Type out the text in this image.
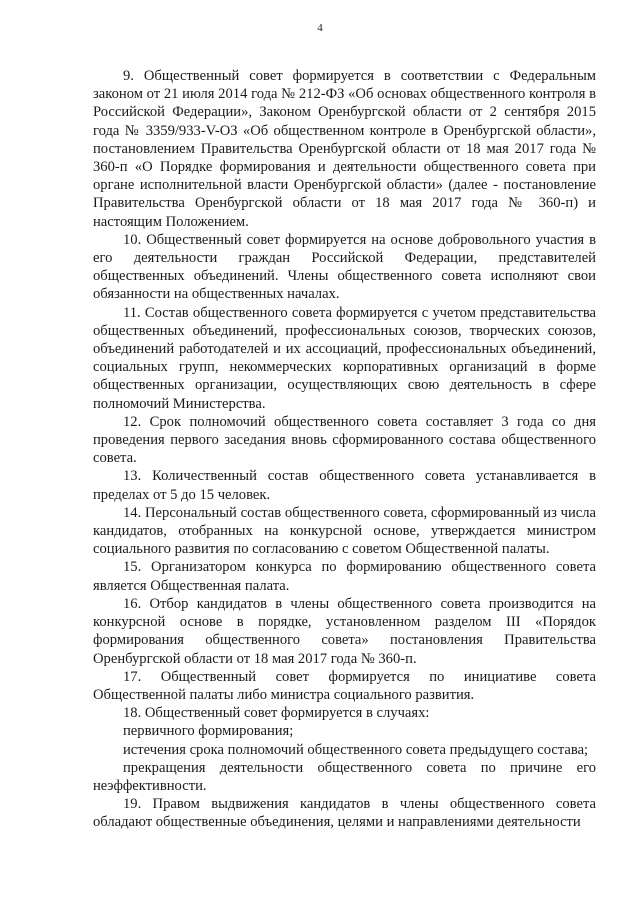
4

9. Общественный совет формируется в соответствии с Федеральным законом от 21 июля 2014 года № 212-ФЗ «Об основах общественного контроля в Российской Федерации», Законом Оренбургской области от 2 сентября 2015 года № 3359/933-V-ОЗ «Об общественном контроле в Оренбургской области», постановлением Правительства Оренбургской области от 18 мая 2017 года № 360-п «О Порядке формирования и деятельности общественного совета при органе исполнительной власти Оренбургской области» (далее - постановление Правительства Оренбургской области от 18 мая 2017 года № 360-п) и настоящим Положением.

10. Общественный совет формируется на основе добровольного участия в его деятельности граждан Российской Федерации, представителей общественных объединений. Члены общественного совета исполняют свои обязанности на общественных началах.

11. Состав общественного совета формируется с учетом представительства общественных объединений, профессиональных союзов, творческих союзов, объединений работодателей и их ассоциаций, профессиональных объединений, социальных групп, некоммерческих корпоративных организаций в форме общественных организации, осуществляющих свою деятельность в сфере полномочий Министерства.

12. Срок полномочий общественного совета составляет 3 года со дня проведения первого заседания вновь сформированного состава общественного совета.

13. Количественный состав общественного совета устанавливается в пределах от 5 до 15 человек.

14. Персональный состав общественного совета, сформированный из числа кандидатов, отобранных на конкурсной основе, утверждается министром социального развития по согласованию с советом Общественной палаты.

15. Организатором конкурса по формированию общественного совета является Общественная палата.

16. Отбор кандидатов в члены общественного совета производится на конкурсной основе в порядке, установленном разделом III «Порядок формирования общественного совета» постановления Правительства Оренбургской области от 18 мая 2017 года № 360-п.

17. Общественный совет формируется по инициативе совета Общественной палаты либо министра социального развития.

18. Общественный совет формируется в случаях:

первичного формирования;

истечения срока полномочий общественного совета предыдущего состава;

прекращения деятельности общественного совета по причине его неэффективности.

19. Правом выдвижения кандидатов в члены общественного совета обладают общественные объединения, целями и направлениями деятельности
